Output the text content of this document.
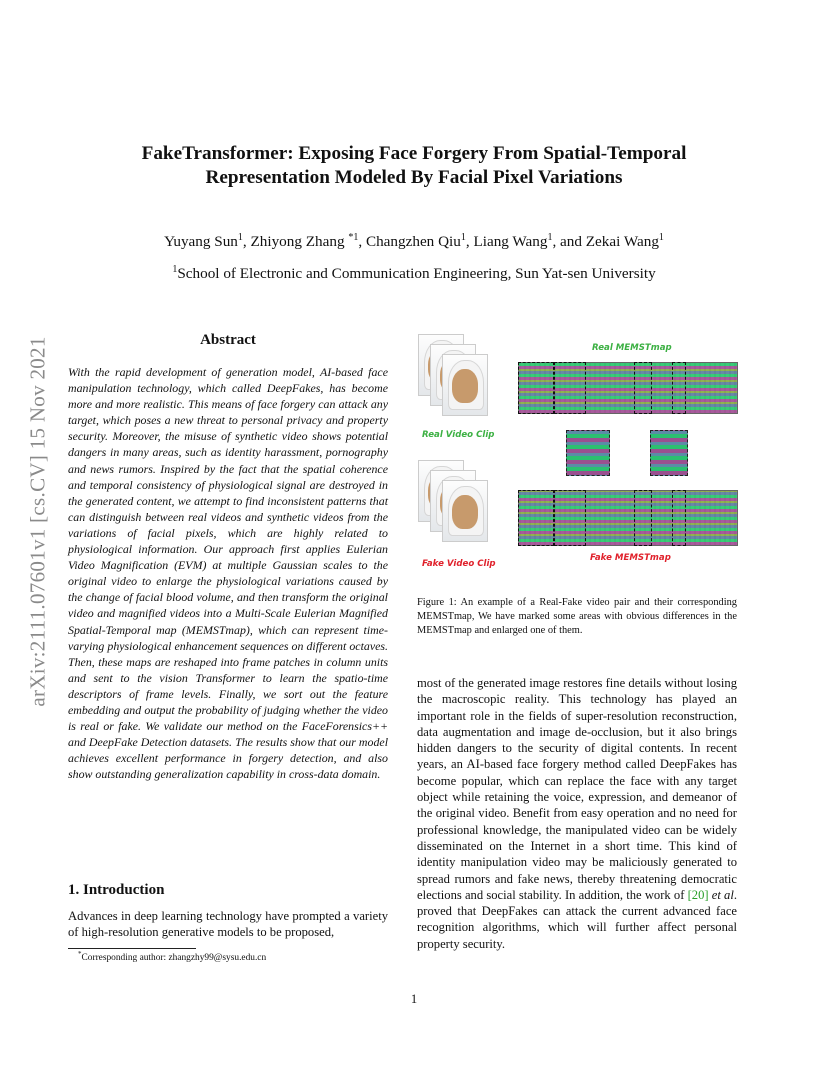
arXiv:2111.07601v1 [cs.CV] 15 Nov 2021
FakeTransformer: Exposing Face Forgery From Spatial-Temporal
Representation Modeled By Facial Pixel Variations
Yuyang Sun$^1$, Zhiyong Zhang $^{*1}$, Changzhen Qiu$^1$, Liang Wang$^1$, and Zekai Wang$^1$
$^1$School of Electronic and Communication Engineering, Sun Yat-sen University
Abstract
With the rapid development of generation model, AI-based face manipulation technology, which called DeepFakes, has become more and more realistic. This means of face forgery can attack any target, which poses a new threat to personal privacy and property security. Moreover, the misuse of synthetic video shows potential dangers in many areas, such as identity harassment, pornography and news rumors. Inspired by the fact that the spatial coherence and temporal consistency of physiological signal are destroyed in the generated content, we attempt to find inconsistent patterns that can distinguish between real videos and synthetic videos from the variations of facial pixels, which are highly related to physiological information. Our approach first applies Eulerian Video Magnification (EVM) at multiple Gaussian scales to the original video to enlarge the physiological variations caused by the change of facial blood volume, and then transform the original video and magnified videos into a Multi-Scale Eulerian Magnified Spatial-Temporal map (MEMSTmap), which can represent time-varying physiological enhancement sequences on different octaves. Then, these maps are reshaped into frame patches in column units and sent to the vision Transformer to learn the spatio-time descriptors of frame levels. Finally, we sort out the feature embedding and output the probability of judging whether the video is real or fake. We validate our method on the FaceForensics++ and DeepFake Detection datasets. The results show that our model achieves excellent performance in forgery detection, and also show outstanding generalization capability in cross-data domain.
1. Introduction
Advances in deep learning technology have prompted a variety of high-resolution generative models to be proposed,
*Corresponding author: zhangzhy99@sysu.edu.cn
Real MEMSTmap
Real Video Clip
Fake Video Clip
Fake MEMSTmap
Figure 1: An example of a Real-Fake video pair and their corresponding MEMSTmap, We have marked some areas with obvious differences in the MEMSTmap and enlarged one of them.
most of the generated image restores fine details without losing the macroscopic reality. This technology has played an important role in the fields of super-resolution reconstruction, data augmentation and image de-occlusion, but it also brings hidden dangers to the security of digital contents. In recent years, an AI-based face forgery method called DeepFakes has become popular, which can replace the face with any target object while retaining the voice, expression, and demeanor of the original video. Benefit from easy operation and no need for professional knowledge, the manipulated video can be widely disseminated on the Internet in a short time. This kind of identity manipulation video may be maliciously generated to spread rumors and fake news, thereby threatening democratic elections and social stability. In addition, the work of [20] et al. proved that DeepFakes can attack the current advanced face recognition algorithms, which will further affect personal property security.
1
